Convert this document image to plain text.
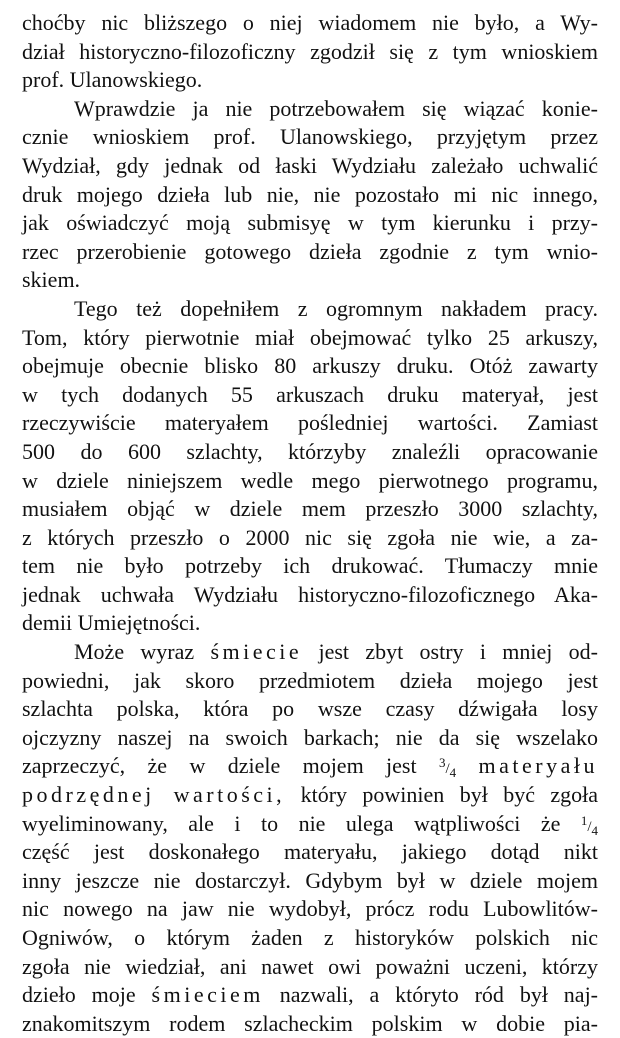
choćby nic bliższego o niej wiadomem nie było, a Wy-
dział historyczno-filozoficzny zgodził się z tym wnioskiem
prof. Ulanowskiego.
Wprawdzie ja nie potrzebowałem się wiązać konie-
cznie wnioskiem prof. Ulanowskiego, przyjętym przez
Wydział, gdy jednak od łaski Wydziału zależało uchwalić
druk mojego dzieła lub nie, nie pozostało mi nic innego,
jak oświadczyć moją submisyę w tym kierunku i przy-
rzec przerobienie gotowego dzieła zgodnie z tym wnio-
skiem.
Tego też dopełniłem z ogromnym nakładem pracy.
Tom, który pierwotnie miał obejmować tylko 25 arkuszy,
obejmuje obecnie blisko 80 arkuszy druku. Otóż zawarty
w tych dodanych 55 arkuszach druku materyał, jest
rzeczywiście materyałem pośledniej wartości. Zamiast
500 do 600 szlachty, którzyby znaleźli opracowanie
w dziele niniejszem wedle mego pierwotnego programu,
musiałem objąć w dziele mem przeszło 3000 szlachty,
z których przeszło o 2000 nic się zgoła nie wie, a za-
tem nie było potrzeby ich drukować. Tłumaczy mnie
jednak uchwała Wydziału historyczno-filozoficznego Aka-
demii Umiejętności.
Może wyraz śmiecie jest zbyt ostry i mniej od-
powiedni, jak skoro przedmiotem dzieła mojego jest
szlachta polska, która po wsze czasy dźwigała losy
ojczyzny naszej na swoich barkach; nie da się wszelako
zaprzeczyć, że w dziele mojem jest $^3/_4$ materyału
podrzędnej wartości, który powinien był być zgoła
wyeliminowany, ale i to nie ulega wątpliwości że $^1/_4$
część jest doskonałego materyału, jakiego dotąd nikt
inny jeszcze nie dostarczył. Gdybym był w dziele mojem
nic nowego na jaw nie wydobył, prócz rodu Lubowlitów-
Ogniwów, o którym żaden z historyków polskich nic
zgoła nie wiedział, ani nawet owi poważni uczeni, którzy
dzieło moje śmieciem nazwali, a któryto ród był naj-
znakomitszym rodem szlacheckim polskim w dobie pia-
